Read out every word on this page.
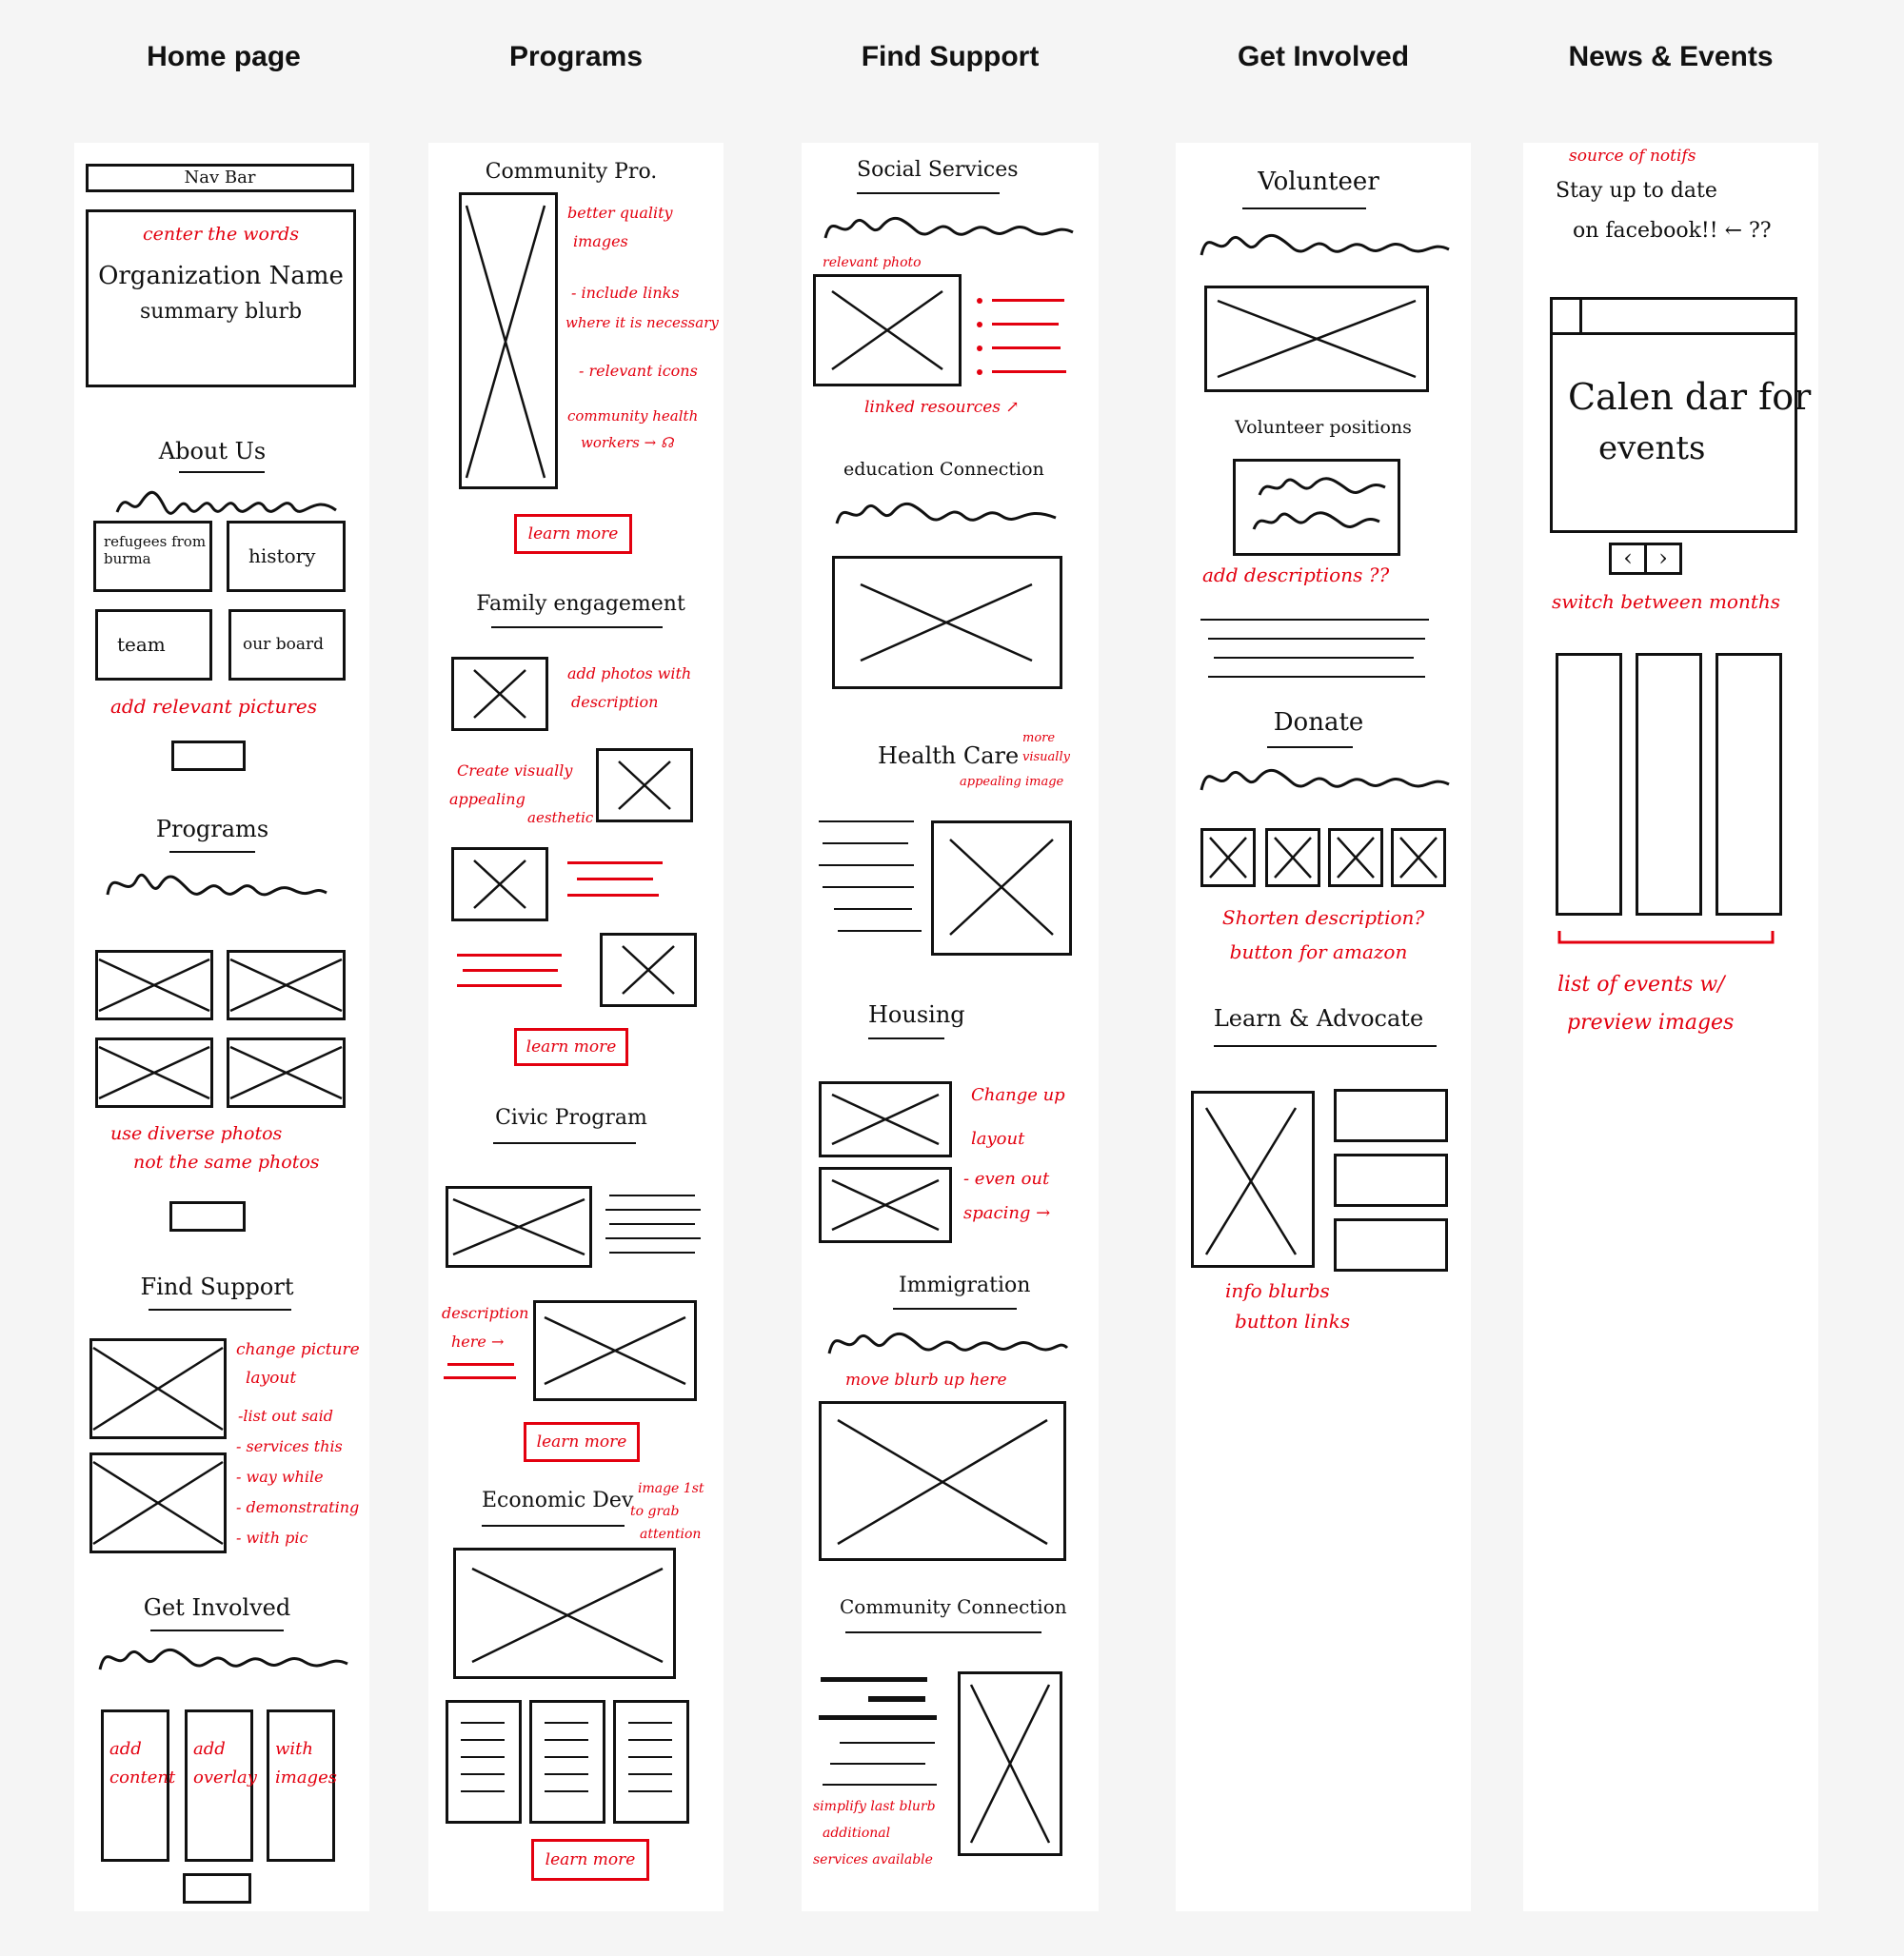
Home page	Programs	Find Support	Get Involved	News & Events
Nav Bar
center the words
Organization Name
summary blurb
About Us
refugees from burma	history
team	our board
add relevant pictures
Programs
use diverse photos
not the same photos
Find Support
change picture
layout
-list out said
- services this
- way while
- demonstrating
- with pic
Get Involved
add content
add overlay
with images
Community Pro.
better quality
images
- include links
where it is necessary
- relevant icons
community health
workers → ☊
learn more
Family engagement
add photos with
description
Create visually
appealing
aesthetic
learn more
Civic Program
description
here →
learn more
Economic Dev image 1st
to grab
attention
learn more
Social Services
relevant photo
linked resources ↗
education Connection
Health Care
more
visually
appealing image
Housing
Change up
layout
- even out
spacing →
Immigration
move blurb up here
Community Connection
simplify last blurb
additional
services available
Volunteer
Volunteer positions
add descriptions ??
Donate
Shorten description?
button for amazon
Learn & Advocate
info blurbs
button links
source of notifs
Stay up to date
on facebook!! ← ??
Calen dar for
events
‹	›
switch between months
list of events w/
preview images
